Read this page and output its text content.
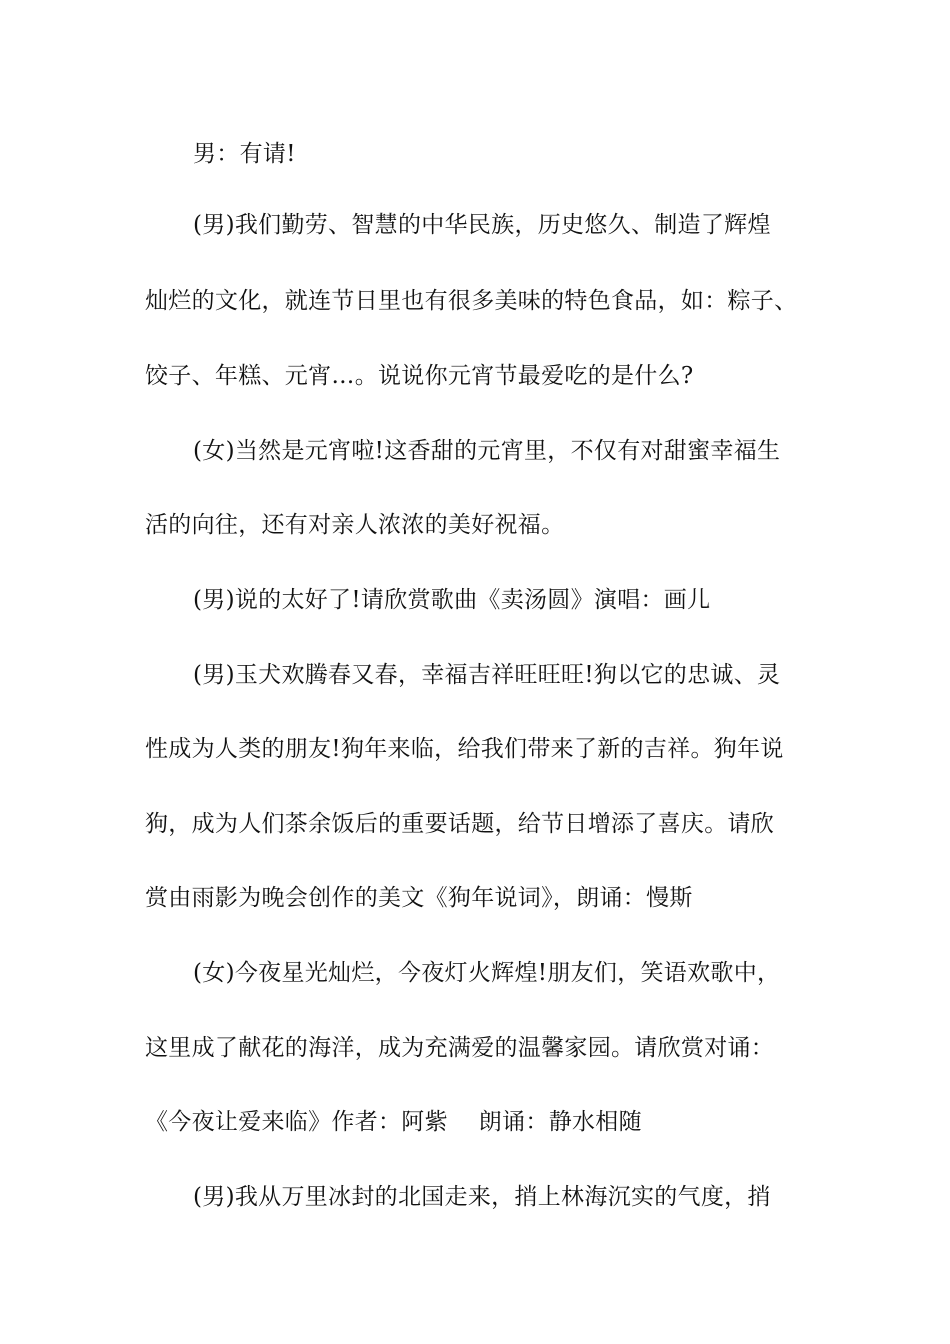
男：有请!
(男)我们勤劳、智慧的中华民族，历史悠久、制造了辉煌
灿烂的文化，就连节日里也有很多美味的特色食品，如：粽子、
饺子、年糕、元宵…。说说你元宵节最爱吃的是什么?
(女)当然是元宵啦!这香甜的元宵里，不仅有对甜蜜幸福生
活的向往，还有对亲人浓浓的美好祝福。
(男)说的太好了!请欣赏歌曲《卖汤圆》演唱：画儿
(男)玉犬欢腾春又春，幸福吉祥旺旺旺!狗以它的忠诚、灵
性成为人类的朋友!狗年来临，给我们带来了新的吉祥。狗年说
狗，成为人们茶余饭后的重要话题，给节日增添了喜庆。请欣
赏由雨影为晚会创作的美文《狗年说词》，朗诵：慢斯
(女)今夜星光灿烂，今夜灯火辉煌!朋友们，笑语欢歌中，
这里成了献花的海洋，成为充满爱的温馨家园。请欣赏对诵：
《今夜让爱来临》作者：阿紫　 朗诵：静水相随
(男)我从万里冰封的北国走来，捎上林海沉实的气度，捎
